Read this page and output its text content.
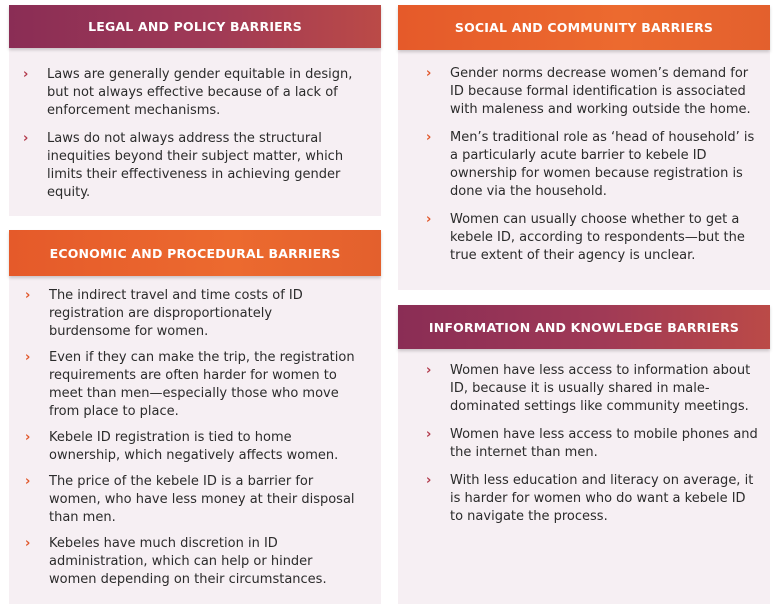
LEGAL AND POLICY BARRIERS
› Laws are generally gender equitable in design, but not always effective because of a lack of enforcement mechanisms.
› Laws do not always address the structural inequities beyond their subject matter, which limits their effectiveness in achieving gender equity.
SOCIAL AND COMMUNITY BARRIERS
› Gender norms decrease women’s demand for ID because formal identification is associated with maleness and working outside the home.
› Men’s traditional role as ‘head of household’ is a particularly acute barrier to kebele ID ownership for women because registration is done via the household.
› Women can usually choose whether to get a kebele ID, according to respondents—but the true extent of their agency is unclear.
ECONOMIC AND PROCEDURAL BARRIERS
› The indirect travel and time costs of ID registration are disproportionately burdensome for women.
› Even if they can make the trip, the registration requirements are often harder for women to meet than men—especially those who move from place to place.
› Kebele ID registration is tied to home ownership, which negatively affects women.
› The price of the kebele ID is a barrier for women, who have less money at their disposal than men.
› Kebeles have much discretion in ID administration, which can help or hinder women depending on their circumstances.
INFORMATION AND KNOWLEDGE BARRIERS
› Women have less access to information about ID, because it is usually shared in male-dominated settings like community meetings.
› Women have less access to mobile phones and the internet than men.
› With less education and literacy on average, it is harder for women who do want a kebele ID to navigate the process.
